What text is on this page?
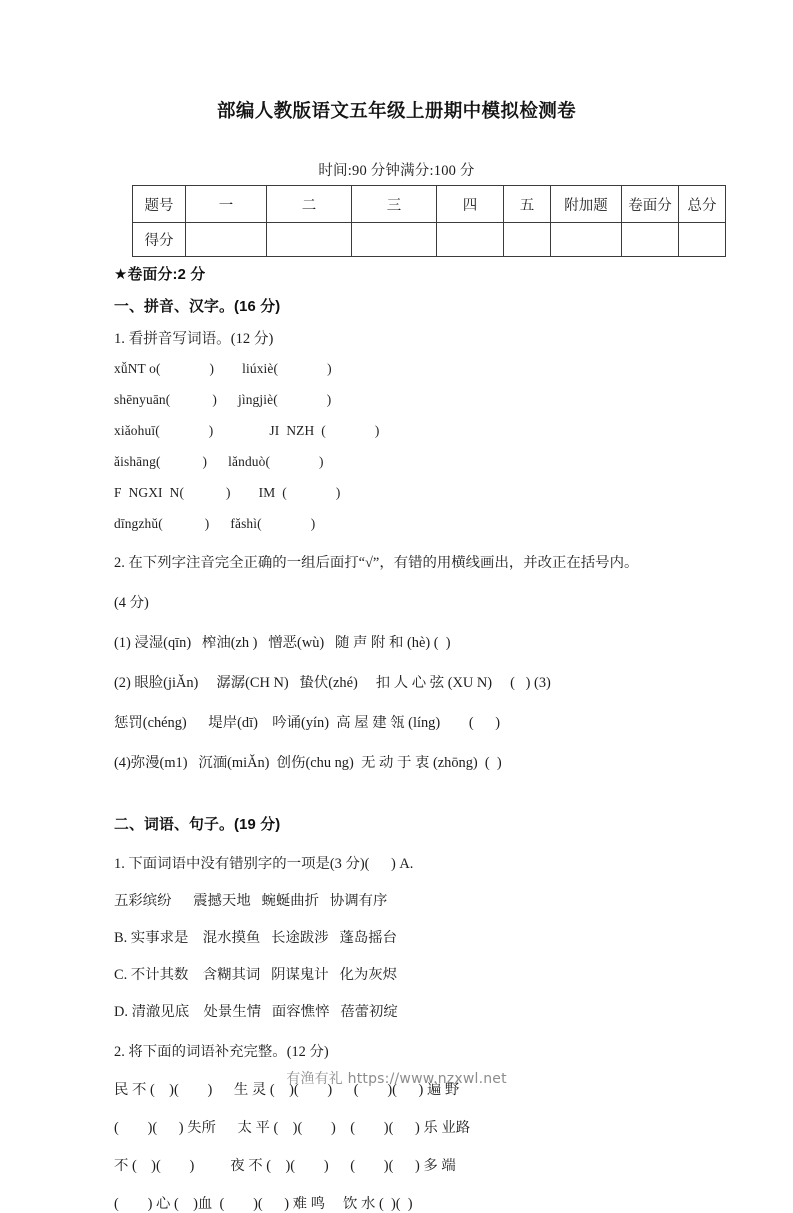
部编人教版语文五年级上册期中模拟检测卷
时间:90 分钟满分:100 分
题号	一	二	三	四	五	附加题	卷面分	总分
得分								
★卷面分:2 分
一、拼音、汉字。(16 分)
1. 看拼音写词语。(12 分)
xǚNT o(              )        liúxiè(              )
shēnyuān(            )      jìngjiè(              )
xiǎohuī(              )                JI  NZH  (              )
ǎishāng(            )      lǎnduò(              )
F  NGXI  N(            )        IM  (              )
dīngzhǔ(            )      fǎshì(              )
2. 在下列字注音完全正确的一组后面打“√”，有错的用横线画出，并改正在括号内。
(4 分)
(1) 浸湿(qīn)   榨油(zh )   憎恶(wù)   随 声 附 和 (hè) (  )
(2) 眼脸(jiǍn)     潺潺(CH N)   蛰伏(zhé)     扣 人 心 弦 (XU N)     (   ) (3)
惩罚(chéng)      堤岸(dī)    吟诵(yín)  高 屋 建 瓴 (líng)        (      )
(4)弥漫(m1)   沉湎(miǍn)  创伤(chu ng)  无 动 于 衷 (zhōng)  (  )
二、词语、句子。(19 分)
1. 下面词语中没有错别字的一项是(3 分)(      ) A.
五彩缤纷      震撼天地   蜿蜒曲折   协调有序
B. 实事求是    混水摸鱼   长途跋涉   蓬岛摇台
C. 不计其数    含糊其词   阴谋鬼计   化为灰烬
D. 清澈见底    处景生情   面容憔悴   蓓蕾初绽
2. 将下面的词语补充完整。(12 分)
民 不 (    )(        )      生 灵 (    )(        )      (        )(      ) 遍 野
(        )(      ) 失所      太 平 (    )(        )    (        )(      ) 乐 业路
不 (    )(        )          夜 不 (    )(        )      (        )(      ) 多 端
(        ) 心 (    )血  (        )(      ) 难 鸣     饮 水 (  )(  )
有渔有礼 https://www.nzxwl.net
